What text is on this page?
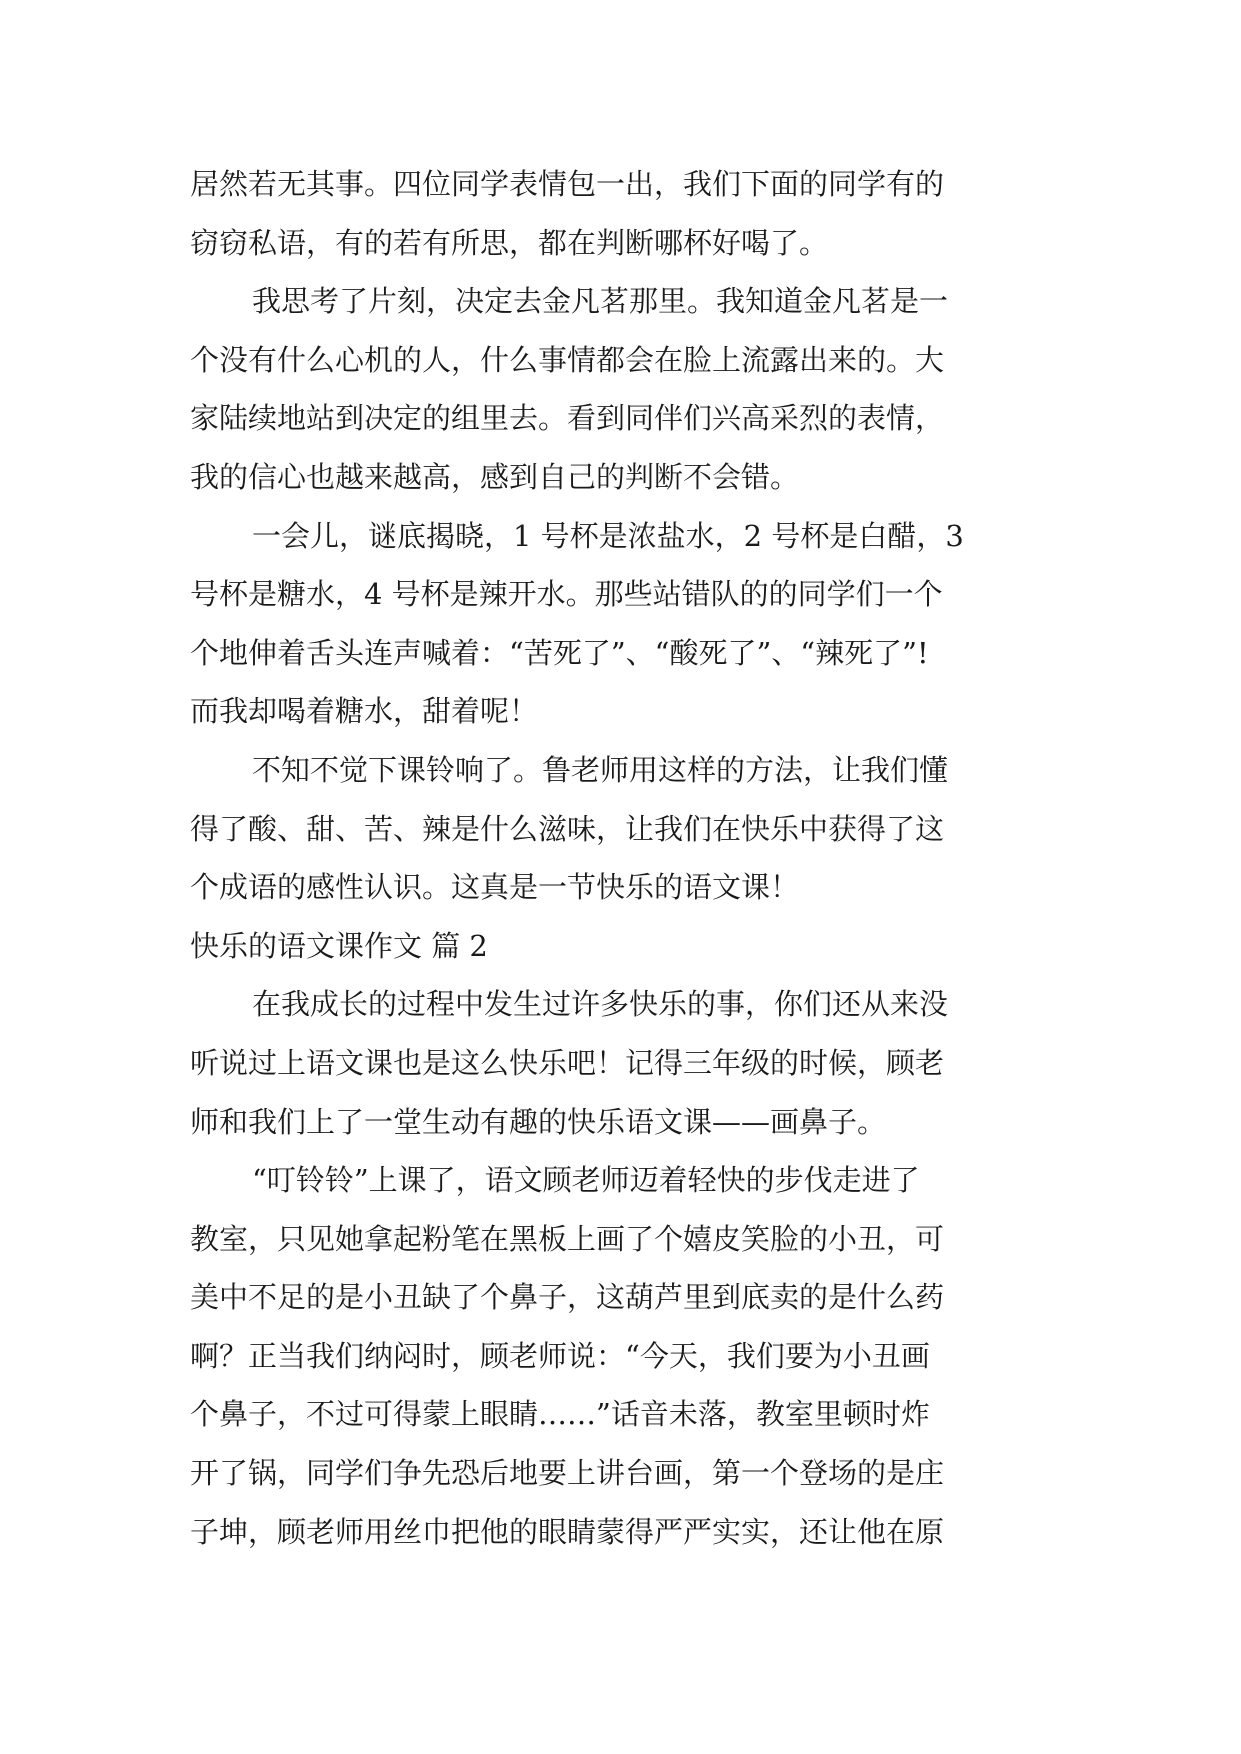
居然若无其事。四位同学表情包一出，我们下面的同学有的
窃窃私语，有的若有所思，都在判断哪杯好喝了。
我思考了片刻，决定去金凡茗那里。我知道金凡茗是一
个没有什么心机的人，什么事情都会在脸上流露出来的。大
家陆续地站到决定的组里去。看到同伴们兴高采烈的表情，
我的信心也越来越高，感到自己的判断不会错。
一会儿，谜底揭晓，1 号杯是浓盐水，2 号杯是白醋，3
号杯是糖水，4 号杯是辣开水。那些站错队的的同学们一个
个地伸着舌头连声喊着：“苦死了”、“酸死了”、“辣死了”!
而我却喝着糖水，甜着呢！
不知不觉下课铃响了。鲁老师用这样的方法，让我们懂
得了酸、甜、苦、辣是什么滋味，让我们在快乐中获得了这
个成语的感性认识。这真是一节快乐的语文课！
快乐的语文课作文 篇 2
在我成长的过程中发生过许多快乐的事，你们还从来没
听说过上语文课也是这么快乐吧！记得三年级的时候，顾老
师和我们上了一堂生动有趣的快乐语文课——画鼻子。
“叮铃铃”上课了，语文顾老师迈着轻快的步伐走进了
教室，只见她拿起粉笔在黑板上画了个嬉皮笑脸的小丑，可
美中不足的是小丑缺了个鼻子，这葫芦里到底卖的是什么药
啊？正当我们纳闷时，顾老师说：“今天，我们要为小丑画
个鼻子，不过可得蒙上眼睛……”话音未落，教室里顿时炸
开了锅，同学们争先恐后地要上讲台画，第一个登场的是庄
子坤，顾老师用丝巾把他的眼睛蒙得严严实实，还让他在原
